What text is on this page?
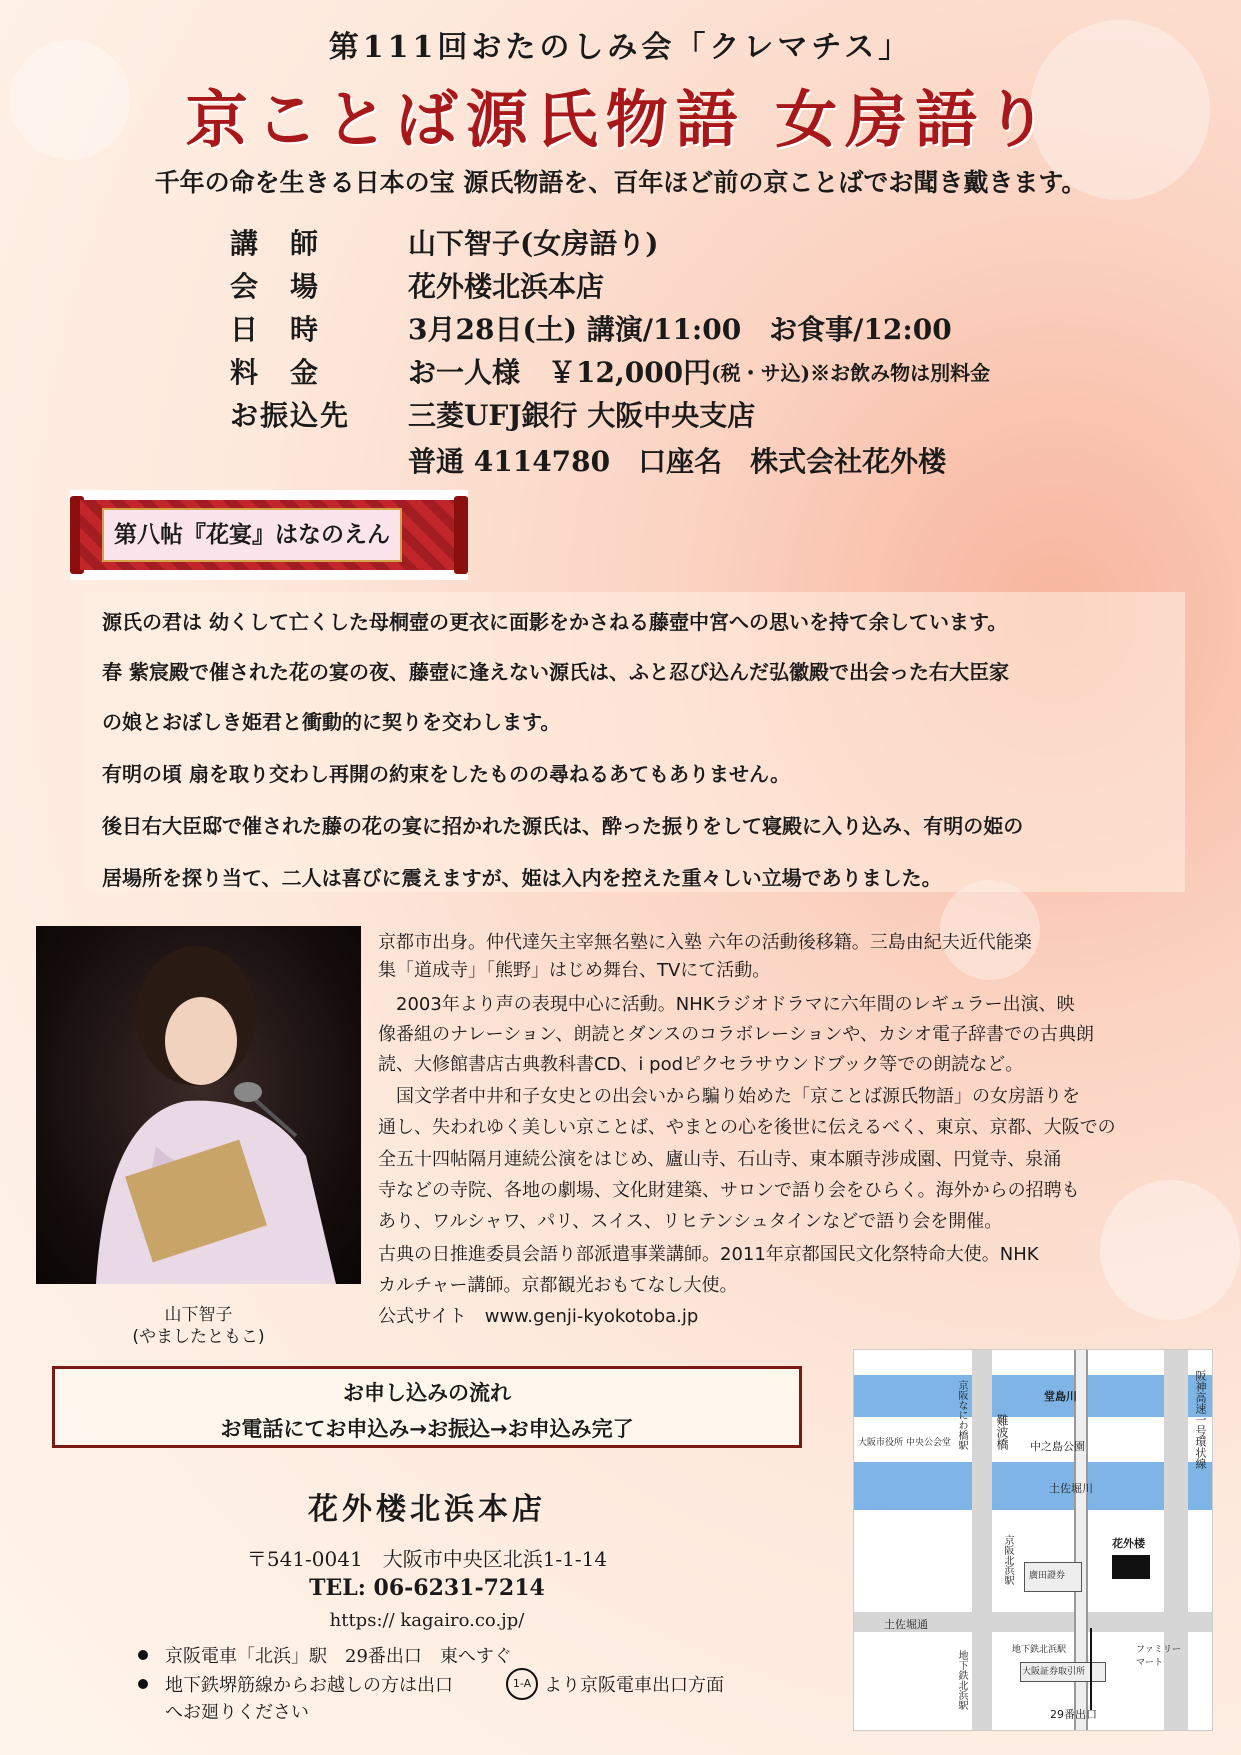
第111回おたのしみ会「クレマチス」
京ことば源氏物語 女房語り
千年の命を生きる日本の宝 源氏物語を、百年ほど前の京ことばでお聞き戴きます。
講　師	山下智子(女房語り)
会　場	花外楼北浜本店
日　時	3月28日(土) 講演/11:00　お食事/12:00
料　金	お一人様　￥12,000円 (税・サ込)※お飲み物は別料金
お振込先	三菱UFJ銀行 大阪中央支店
普通 4114780　口座名　株式会社花外楼
第八帖『花宴』はなのえん
源氏の君は 幼くして亡くした母桐壺の更衣に面影をかさねる藤壺中宮への思いを持て余しています。
春 紫宸殿で催された花の宴の夜、藤壺に逢えない源氏は、ふと忍び込んだ弘徽殿で出会った右大臣家
の娘とおぼしき姫君と衝動的に契りを交わします。
有明の頃 扇を取り交わし再開の約束をしたものの尋ねるあてもありません。
後日右大臣邸で催された藤の花の宴に招かれた源氏は、酔った振りをして寝殿に入り込み、有明の姫の
居場所を探り当て、二人は喜びに震えますが、姫は入内を控えた重々しい立場でありました。
山下智子
(やましたともこ)
京都市出身。仲代達矢主宰無名塾に入塾 六年の活動後移籍。三島由紀夫近代能楽
集「道成寺」「熊野」はじめ舞台、TVにて活動。
　2003年より声の表現中心に活動。NHKラジオドラマに六年間のレギュラー出演、映
像番組のナレーション、朗読とダンスのコラボレーションや、カシオ電子辞書での古典朗
読、大修館書店古典教科書CD、i podピクセラサウンドブック等での朗読など。
　国文学者中井和子女史との出会いから騙り始めた「京ことば源氏物語」の女房語りを
通し、失われゆく美しい京ことば、やまとの心を後世に伝えるべく、東京、京都、大阪での
全五十四帖隔月連続公演をはじめ、廬山寺、石山寺、東本願寺涉成園、円覚寺、泉涌
寺などの寺院、各地の劇場、文化財建築、サロンで語り会をひらく。海外からの招聘も
あり、ワルシャワ、パリ、スイス、リヒテンシュタインなどで語り会を開催。
古典の日推進委員会語り部派遣事業講師。2011年京都国民文化祭特命大使。NHK
カルチャー講師。京都観光おもてなし大使。
公式サイト　www.genji-kyokotoba.jp
お申し込みの流れ
お電話にてお申込み→お振込→お申込み完了
花外楼北浜本店
〒541-0041　大阪市中央区北浜1-1-14
TEL: 06-6231-7214
https:// kagairo.co.jp/
京阪電車「北浜」駅　29番出口　東へすぐ
地下鉄堺筋線からお越しの方は出口	1-A より京阪電車出口方面
へお廻りください
堂島川
中之島公園
土佐堀川
土佐堀通
大阪市役所 中央公会堂
花外楼
廣田證券
地下鉄北浜駅
大阪証券取引所
ファミリーマート
29番出口
京阪なにわ橋駅 難波橋
京阪北浜駅
地下鉄北浜駅
阪神高速一号環状線
